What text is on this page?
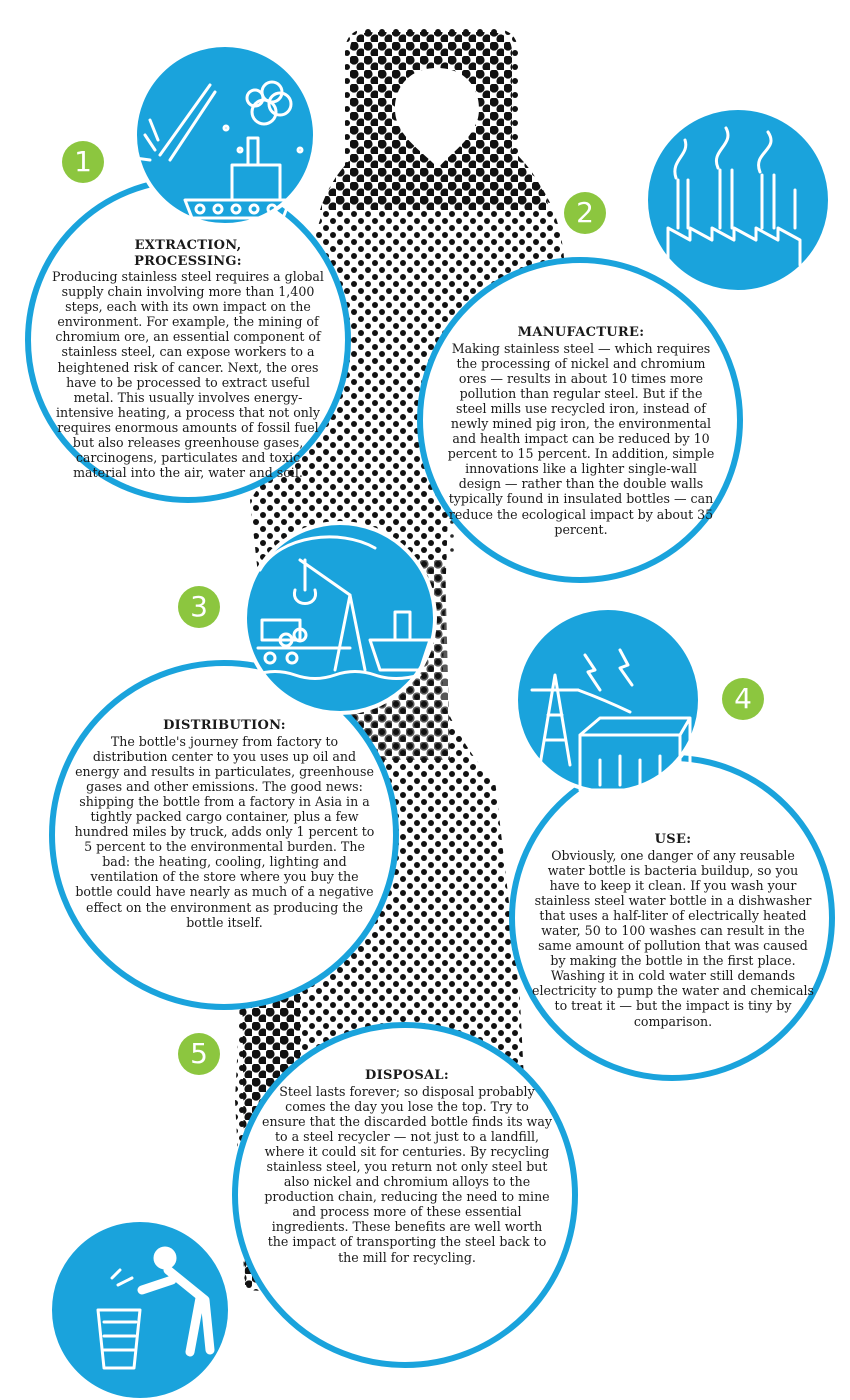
1
2
3
4
5
EXTRACTION,
PROCESSING:

Producing stainless steel requires a global supply chain involving more than 1,400 steps, each with its own impact on the environment. For example, the mining of chromium ore, an essential component of stainless steel, can expose workers to a heightened risk of cancer. Next, the ores have to be processed to extract useful metal. This usually involves energy-intensive heating, a process that not only requires enormous amounts of fossil fuel but also releases greenhouse gases, carcinogens, particulates and toxic material into the air, water and soil.

MANUFACTURE:

Making stainless steel — which requires the processing of nickel and chromium ores — results in about 10 times more pollution than regular steel. But if the steel mills use recycled iron, instead of newly mined pig iron, the environmental and health impact can be reduced by 10 percent to 15 percent. In addition, simple innovations like a lighter single-wall design — rather than the double walls typically found in insulated bottles — can reduce the ecological impact by about 35 percent.

DISTRIBUTION:

The bottle's journey from factory to distribution center to you uses up oil and energy and results in particulates, greenhouse gases and other emissions. The good news: shipping the bottle from a factory in Asia in a tightly packed cargo container, plus a few hundred miles by truck, adds only 1 percent to 5 percent to the environmental burden. The bad: the heating, cooling, lighting and ventilation of the store where you buy the bottle could have nearly as much of a negative effect on the environment as producing the bottle itself.

USE:

Obviously, one danger of any reusable water bottle is bacteria buildup, so you have to keep it clean. If you wash your stainless steel water bottle in a dishwasher that uses a half-liter of electrically heated water, 50 to 100 washes can result in the same amount of pollution that was caused by making the bottle in the first place. Washing it in cold water still demands electricity to pump the water and chemicals to treat it — but the impact is tiny by comparison.

DISPOSAL:

Steel lasts forever; so disposal probably comes the day you lose the top. Try to ensure that the discarded bottle finds its way to a steel recycler — not just to a landfill, where it could sit for centuries. By recycling stainless steel, you return not only steel but also nickel and chromium alloys to the production chain, reducing the need to mine and process more of these essential ingredients. These benefits are well worth the impact of transporting the steel back to the mill for recycling.
